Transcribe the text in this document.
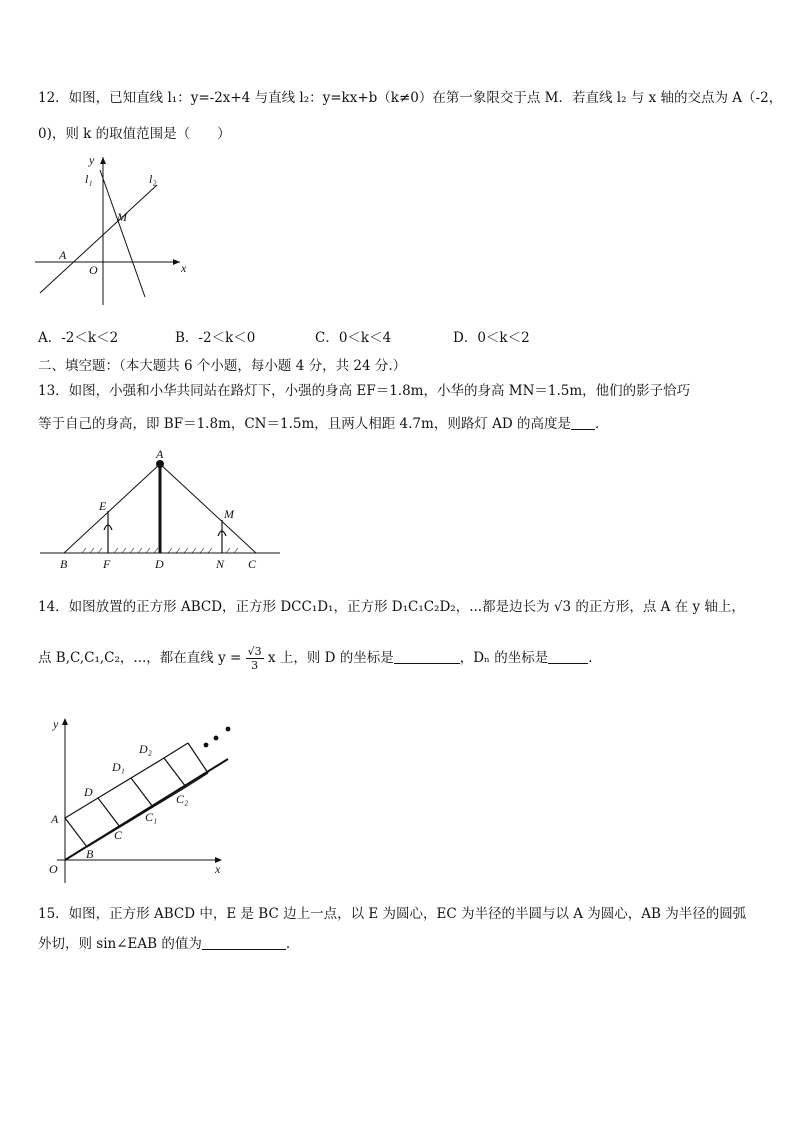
12．如图，已知直线 l₁：y=-2x+4 与直线 l₂：y=kx+b（k≠0）在第一象限交于点 M．若直线 l₂ 与 x 轴的交点为 A（-2，
0)，则 k 的取值范围是（　　）
y
l₁	l₂
M
A
O	x
A．-2＜k＜2	B．-2＜k＜0	C．0＜k＜4	D．0＜k＜2
二、填空题：（本大题共 6 个小题，每小题 4 分，共 24 分.）
13．如图，小强和小华共同站在路灯下，小强的身高 EF＝1.8m，小华的身高 MN＝1.5m，他们的影子恰巧
等于自己的身高，即 BF＝1.8m，CN＝1.5m，且两人相距 4.7m，则路灯 AD 的高度是 ．
A
E
M
B	F	D	N C
14．如图放置的正方形 ABCD，正方形 DCC₁D₁，正方形 D₁C₁C₂D₂，...都是边长为 √3 的正方形，点 A 在 y 轴上，
点 B,C,C₁,C₂，...，都在直线 $y = \frac{√3}{3}$ x 上，则 D 的坐标是	，Dₙ 的坐标是	.
y
x
O
A
B
C
D
D₁
D₂
C₁
C₂
15．如图，正方形 ABCD 中，E 是 BC 边上一点，以 E 为圆心，EC 为半径的半圆与以 A 为圆心，AB 为半径的圆弧
外切，则 sin∠EAB 的值为	.
